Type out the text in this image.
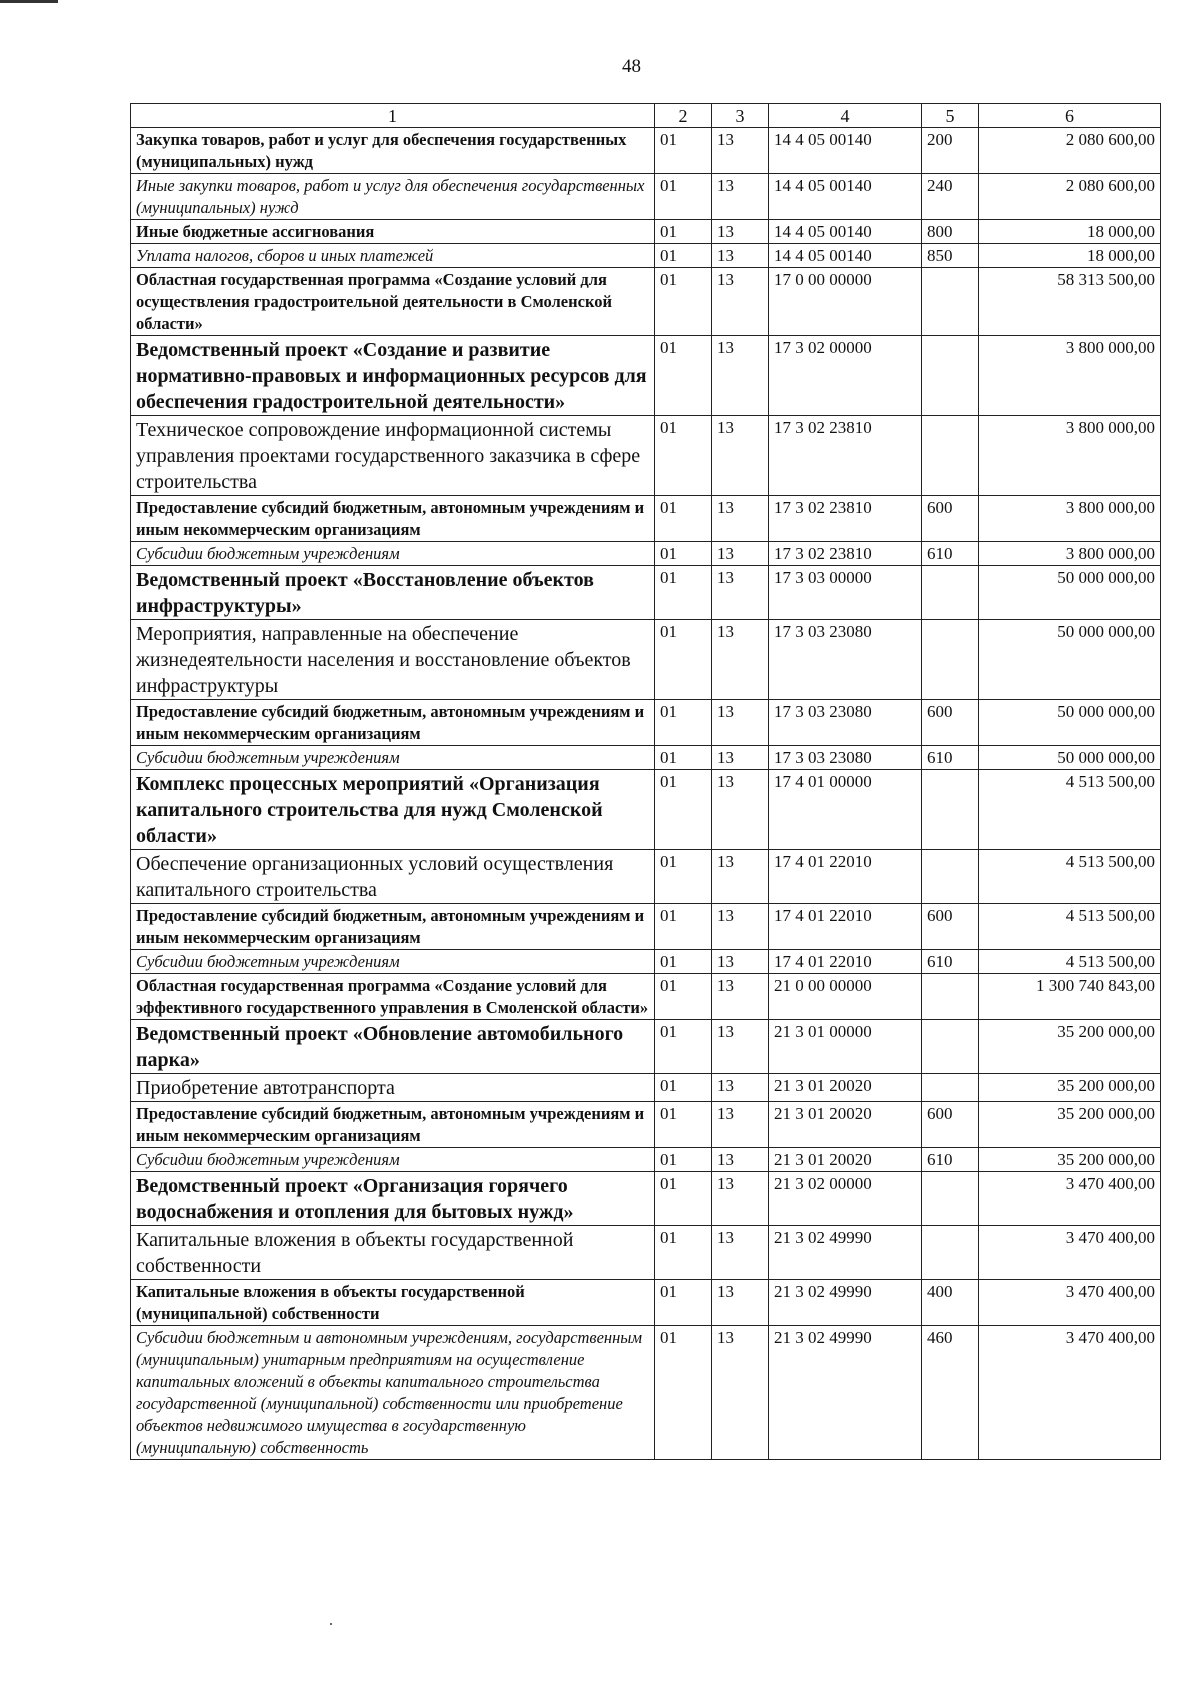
48
1	2	3	4	5	6
Закупка товаров, работ и услуг для обеспечения государственных (муниципальных) нужд	01	13	14 4 05 00140	200	2 080 600,00
Иные закупки товаров, работ и услуг для обеспечения государственных (муниципальных) нужд	01	13	14 4 05 00140	240	2 080 600,00
Иные бюджетные ассигнования	01	13	14 4 05 00140	800	18 000,00
Уплата налогов, сборов и иных платежей	01	13	14 4 05 00140	850	18 000,00
Областная государственная программа «Создание условий для осуществления градостроительной деятельности в Смоленской области»	01	13	17 0 00 00000		58 313 500,00
Ведомственный проект «Создание и развитие нормативно-правовых и информационных ресурсов для обеспечения градостроительной деятельности»	01	13	17 3 02 00000		3 800 000,00
Техническое сопровождение информационной системы управления проектами государственного заказчика в сфере строительства	01	13	17 3 02 23810		3 800 000,00
Предоставление субсидий бюджетным, автономным учреждениям и иным некоммерческим организациям	01	13	17 3 02 23810	600	3 800 000,00
Субсидии бюджетным учреждениям	01	13	17 3 02 23810	610	3 800 000,00
Ведомственный проект «Восстановление объектов инфраструктуры»	01	13	17 3 03 00000		50 000 000,00
Мероприятия, направленные на обеспечение жизнедеятельности населения и восстановление объектов инфраструктуры	01	13	17 3 03 23080		50 000 000,00
Предоставление субсидий бюджетным, автономным учреждениям и иным некоммерческим организациям	01	13	17 3 03 23080	600	50 000 000,00
Субсидии бюджетным учреждениям	01	13	17 3 03 23080	610	50 000 000,00
Комплекс процессных мероприятий «Организация капитального строительства для нужд Смоленской области»	01	13	17 4 01 00000		4 513 500,00
Обеспечение организационных условий осуществления капитального строительства	01	13	17 4 01 22010		4 513 500,00
Предоставление субсидий бюджетным, автономным учреждениям и иным некоммерческим организациям	01	13	17 4 01 22010	600	4 513 500,00
Субсидии бюджетным учреждениям	01	13	17 4 01 22010	610	4 513 500,00
Областная государственная программа «Создание условий для эффективного государственного управления в Смоленской области»	01	13	21 0 00 00000		1 300 740 843,00
Ведомственный проект «Обновление автомобильного парка»	01	13	21 3 01 00000		35 200 000,00
Приобретение автотранспорта	01	13	21 3 01 20020		35 200 000,00
Предоставление субсидий бюджетным, автономным учреждениям и иным некоммерческим организациям	01	13	21 3 01 20020	600	35 200 000,00
Субсидии бюджетным учреждениям	01	13	21 3 01 20020	610	35 200 000,00
Ведомственный проект «Организация горячего водоснабжения и отопления для бытовых нужд»	01	13	21 3 02 00000		3 470 400,00
Капитальные вложения в объекты государственной собственности	01	13	21 3 02 49990		3 470 400,00
Капитальные вложения в объекты государственной (муниципальной) собственности	01	13	21 3 02 49990	400	3 470 400,00
Субсидии бюджетным и автономным учреждениям, государственным (муниципальным) унитарным предприятиям на осуществление капитальных вложений в объекты капитального строительства государственной (муниципальной) собственности или приобретение объектов недвижимого имущества в государственную (муниципальную) собственность	01	13	21 3 02 49990	460	3 470 400,00
